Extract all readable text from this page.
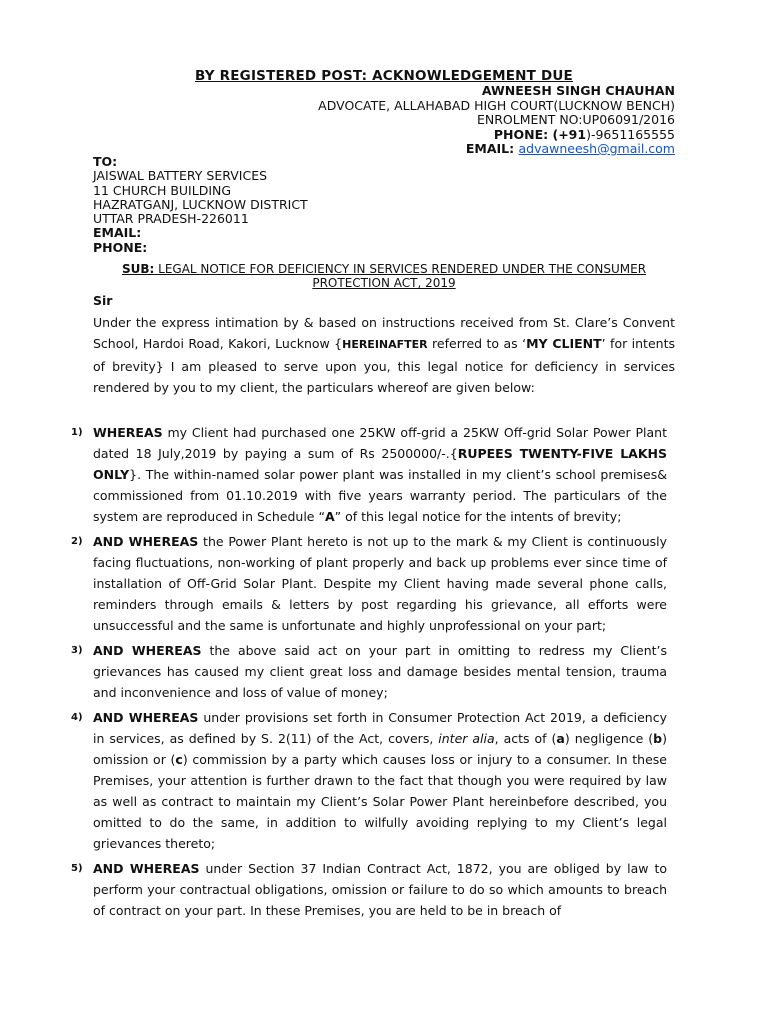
BY REGISTERED POST: ACKNOWLEDGEMENT DUE
AWNEESH SINGH CHAUHAN
ADVOCATE, ALLAHABAD HIGH COURT(LUCKNOW BENCH)
ENROLMENT NO:UP06091/2016
PHONE: (+91)-9651165555
EMAIL: advawneesh@gmail.com
TO:
JAISWAL BATTERY SERVICES
11 CHURCH BUILDING
HAZRATGANJ, LUCKNOW DISTRICT
UTTAR PRADESH-226011
EMAIL:
PHONE:
SUB: LEGAL NOTICE FOR DEFICIENCY IN SERVICES RENDERED UNDER THE CONSUMER PROTECTION ACT, 2019
Sir
Under the express intimation by & based on instructions received from St. Clare’s Convent School, Hardoi Road, Kakori, Lucknow {HEREINAFTER referred to as ‘MY CLIENT’ for intents of brevity} I am pleased to serve upon you, this legal notice for deficiency in services rendered by you to my client, the particulars whereof are given below:
1) WHEREAS my Client had purchased one 25KW off-grid a 25KW Off-grid Solar Power Plant dated 18 July,2019 by paying a sum of Rs 2500000/-.{RUPEES TWENTY-FIVE LAKHS ONLY}. The within-named solar power plant was installed in my client’s school premises& commissioned from 01.10.2019 with five years warranty period. The particulars of the system are reproduced in Schedule “A” of this legal notice for the intents of brevity;
2) AND WHEREAS the Power Plant hereto is not up to the mark & my Client is continuously facing fluctuations, non-working of plant properly and back up problems ever since time of installation of Off-Grid Solar Plant. Despite my Client having made several phone calls, reminders through emails & letters by post regarding his grievance, all efforts were unsuccessful and the same is unfortunate and highly unprofessional on your part;
3) AND WHEREAS the above said act on your part in omitting to redress my Client’s grievances has caused my client great loss and damage besides mental tension, trauma and inconvenience and loss of value of money;
4) AND WHEREAS under provisions set forth in Consumer Protection Act 2019, a deficiency in services, as defined by S. 2(11) of the Act, covers, inter alia, acts of (a) negligence (b) omission or (c) commission by a party which causes loss or injury to a consumer. In these Premises, your attention is further drawn to the fact that though you were required by law as well as contract to maintain my Client’s Solar Power Plant hereinbefore described, you omitted to do the same, in addition to wilfully avoiding replying to my Client’s legal grievances thereto;
5) AND WHEREAS under Section 37 Indian Contract Act, 1872, you are obliged by law to perform your contractual obligations, omission or failure to do so which amounts to breach of contract on your part. In these Premises, you are held to be in breach of
